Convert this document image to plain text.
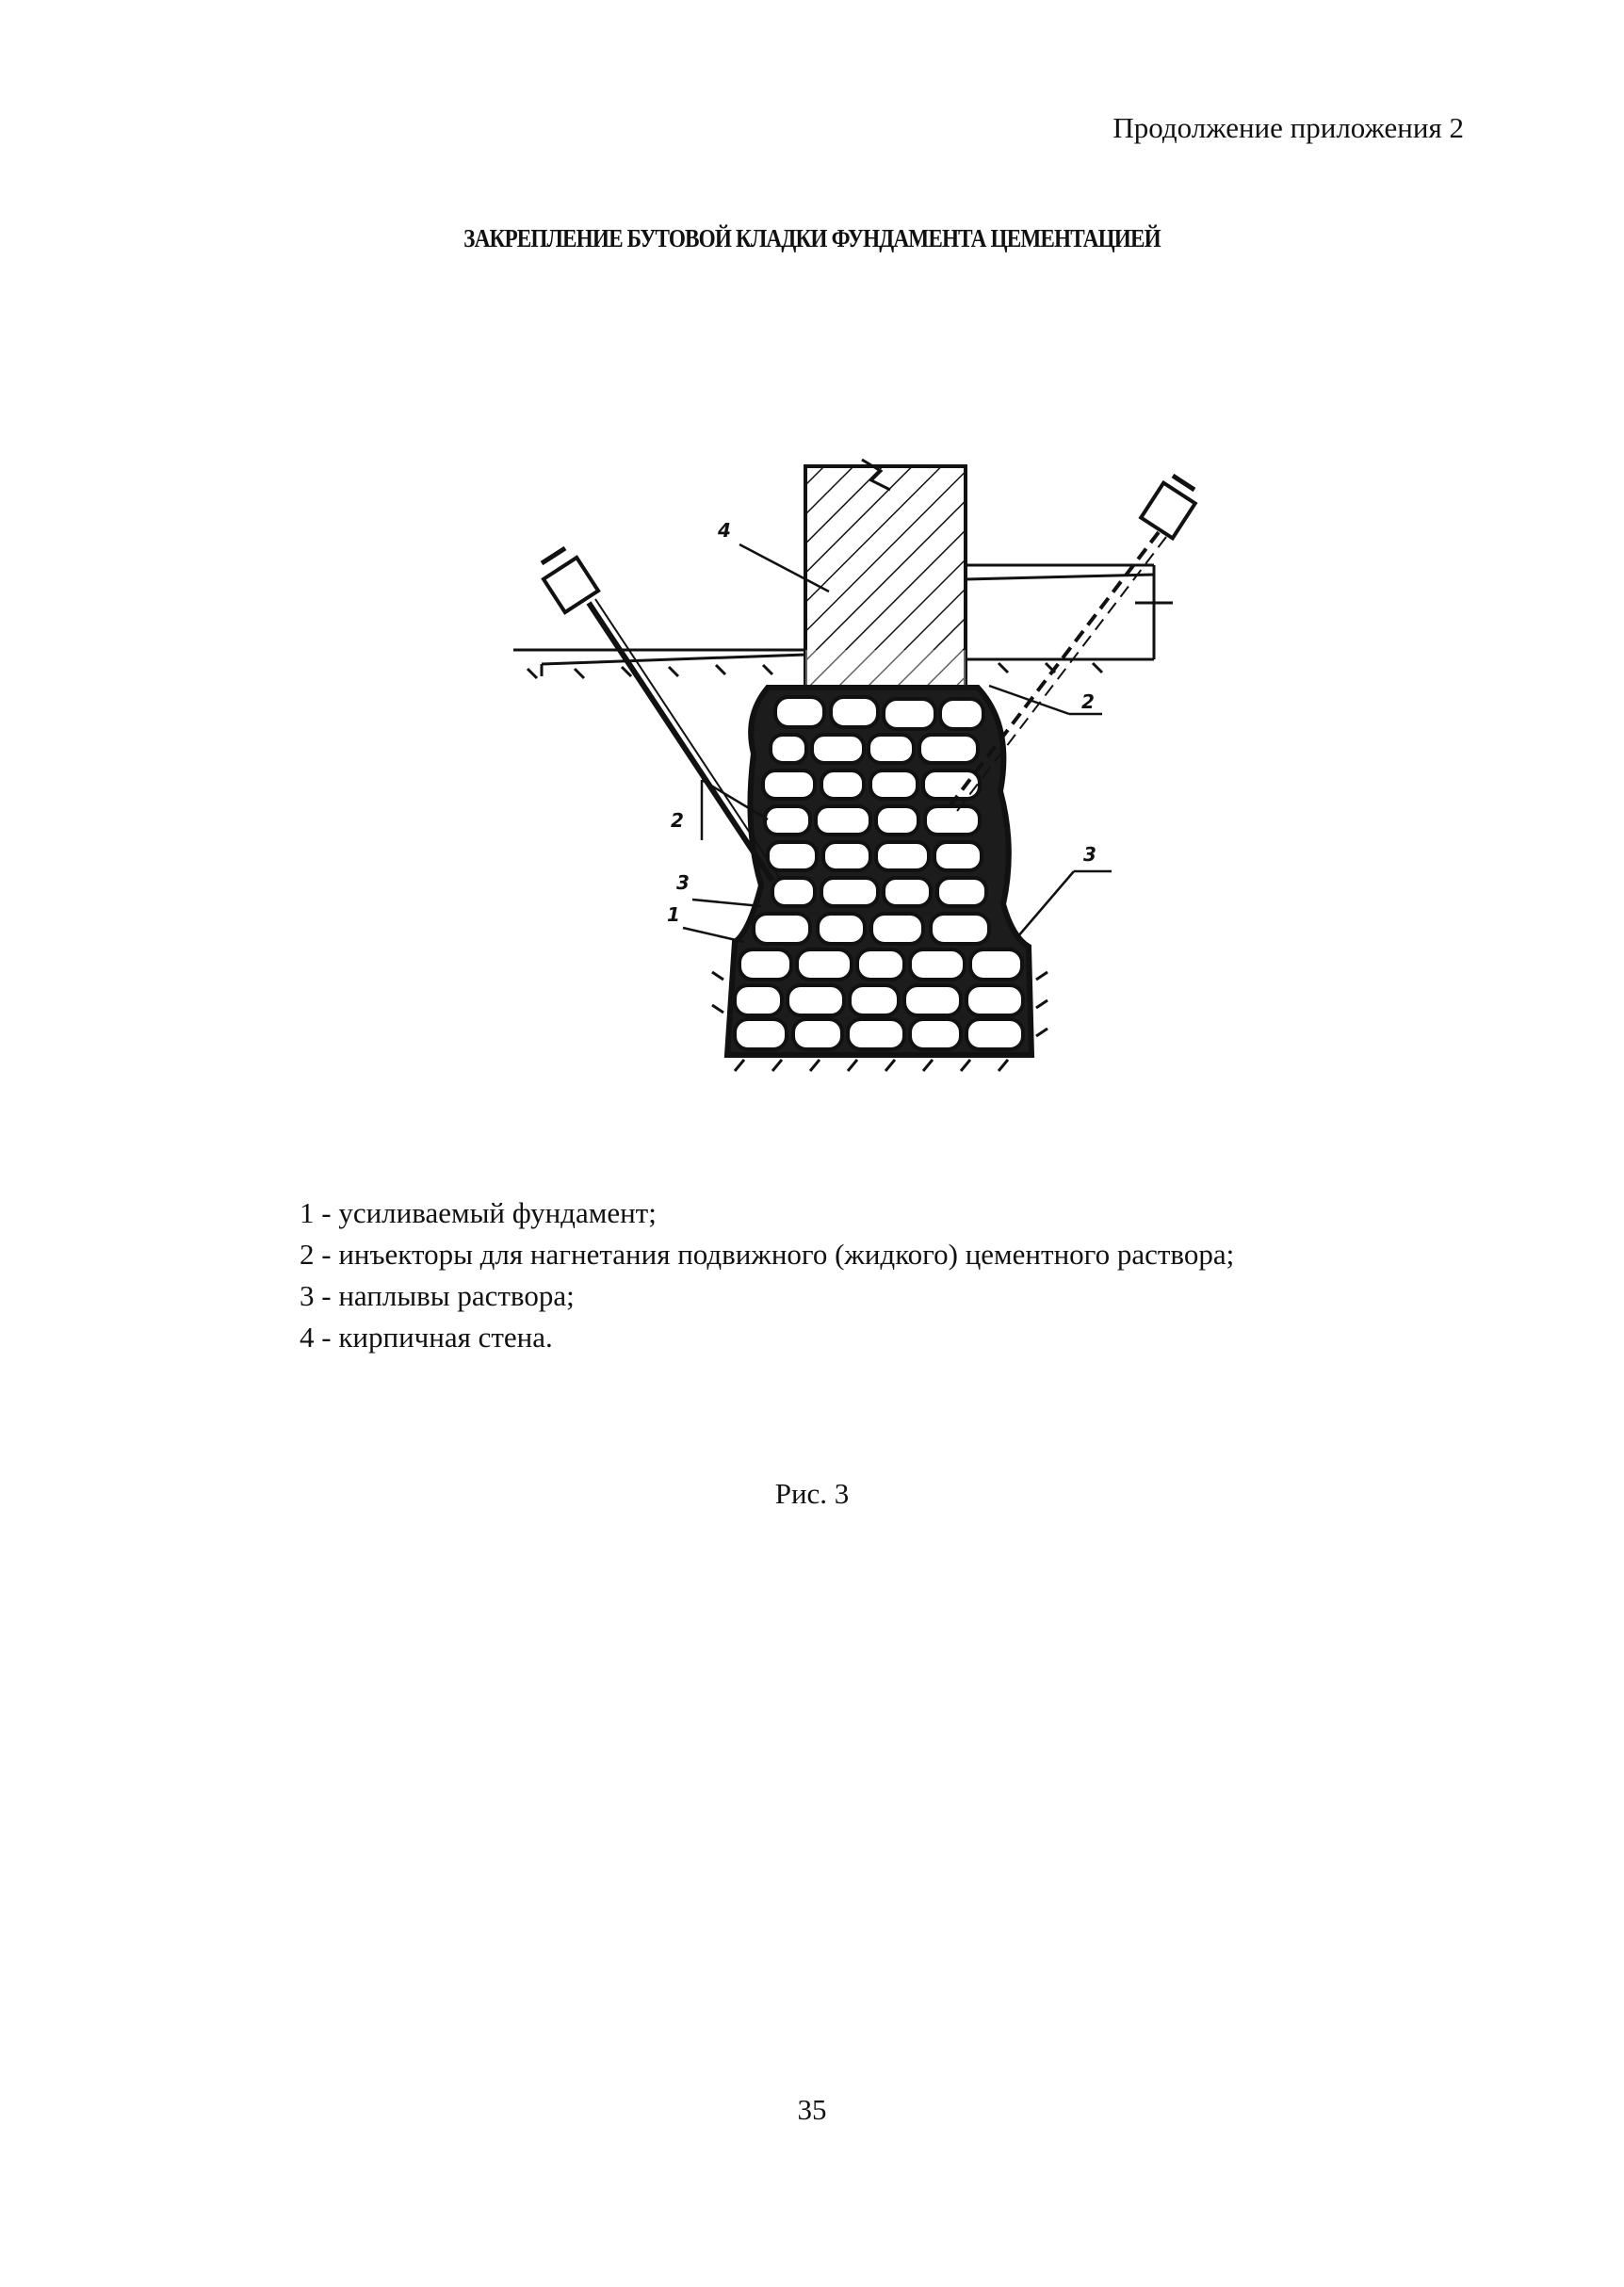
Продолжение приложения 2
ЗАКРЕПЛЕНИЕ БУТОВОЙ КЛАДКИ ФУНДАМЕНТА ЦЕМЕНТАЦИЕЙ
4
2
2
3
1
3
1 - усиливаемый фундамент;
2 - инъекторы для нагнетания подвижного (жидкого) цементного раствора;
3 - наплывы раствора;
4 - кирпичная стена.
Рис. 3
35
